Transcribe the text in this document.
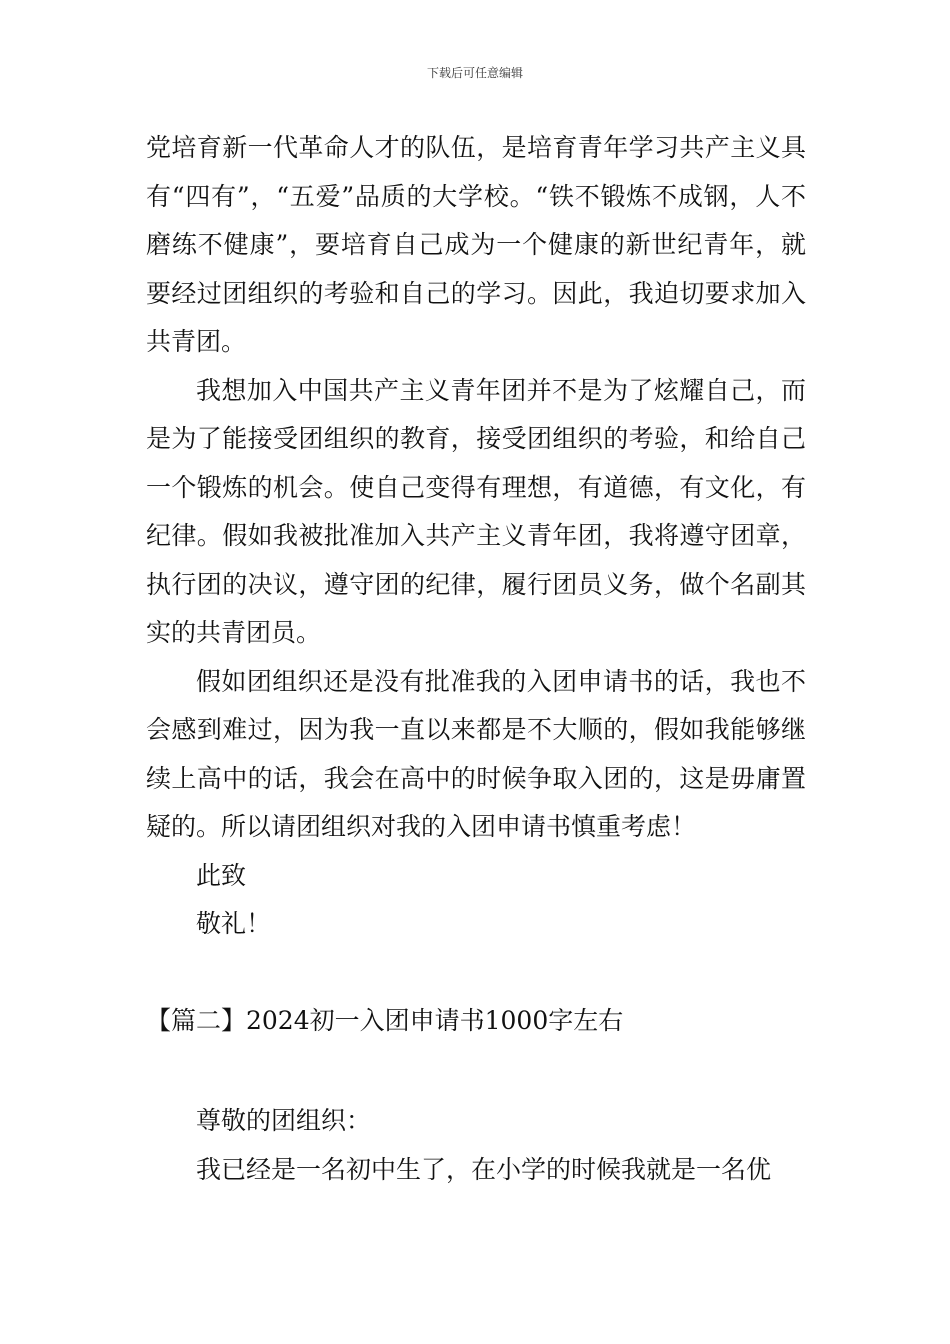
下载后可任意编辑

党培育新一代革命人才的队伍，是培育青年学习共产主义具有“四有”，“五爱”品质的大学校。“铁不锻炼不成钢，人不磨练不健康”，要培育自己成为一个健康的新世纪青年，就要经过团组织的考验和自己的学习。因此，我迫切要求加入共青团。

我想加入中国共产主义青年团并不是为了炫耀自己，而是为了能接受团组织的教育，接受团组织的考验，和给自己一个锻炼的机会。使自己变得有理想，有道德，有文化，有纪律。假如我被批准加入共产主义青年团，我将遵守团章，执行团的决议，遵守团的纪律，履行团员义务，做个名副其实的共青团员。

假如团组织还是没有批准我的入团申请书的话，我也不会感到难过，因为我一直以来都是不大顺的，假如我能够继续上高中的话，我会在高中的时候争取入团的，这是毋庸置疑的。所以请团组织对我的入团申请书慎重考虑！

此致

敬礼！

【篇二】2024初一入团申请书1000字左右

尊敬的团组织：

我已经是一名初中生了，在小学的时候我就是一名优
